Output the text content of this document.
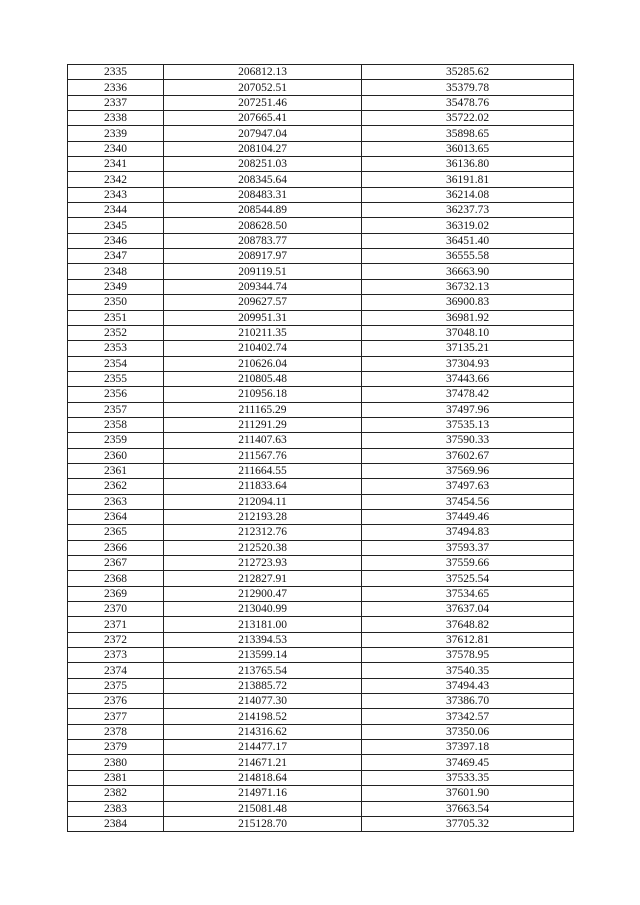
2335	206812.13	35285.62
2336	207052.51	35379.78
2337	207251.46	35478.76
2338	207665.41	35722.02
2339	207947.04	35898.65
2340	208104.27	36013.65
2341	208251.03	36136.80
2342	208345.64	36191.81
2343	208483.31	36214.08
2344	208544.89	36237.73
2345	208628.50	36319.02
2346	208783.77	36451.40
2347	208917.97	36555.58
2348	209119.51	36663.90
2349	209344.74	36732.13
2350	209627.57	36900.83
2351	209951.31	36981.92
2352	210211.35	37048.10
2353	210402.74	37135.21
2354	210626.04	37304.93
2355	210805.48	37443.66
2356	210956.18	37478.42
2357	211165.29	37497.96
2358	211291.29	37535.13
2359	211407.63	37590.33
2360	211567.76	37602.67
2361	211664.55	37569.96
2362	211833.64	37497.63
2363	212094.11	37454.56
2364	212193.28	37449.46
2365	212312.76	37494.83
2366	212520.38	37593.37
2367	212723.93	37559.66
2368	212827.91	37525.54
2369	212900.47	37534.65
2370	213040.99	37637.04
2371	213181.00	37648.82
2372	213394.53	37612.81
2373	213599.14	37578.95
2374	213765.54	37540.35
2375	213885.72	37494.43
2376	214077.30	37386.70
2377	214198.52	37342.57
2378	214316.62	37350.06
2379	214477.17	37397.18
2380	214671.21	37469.45
2381	214818.64	37533.35
2382	214971.16	37601.90
2383	215081.48	37663.54
2384	215128.70	37705.32
